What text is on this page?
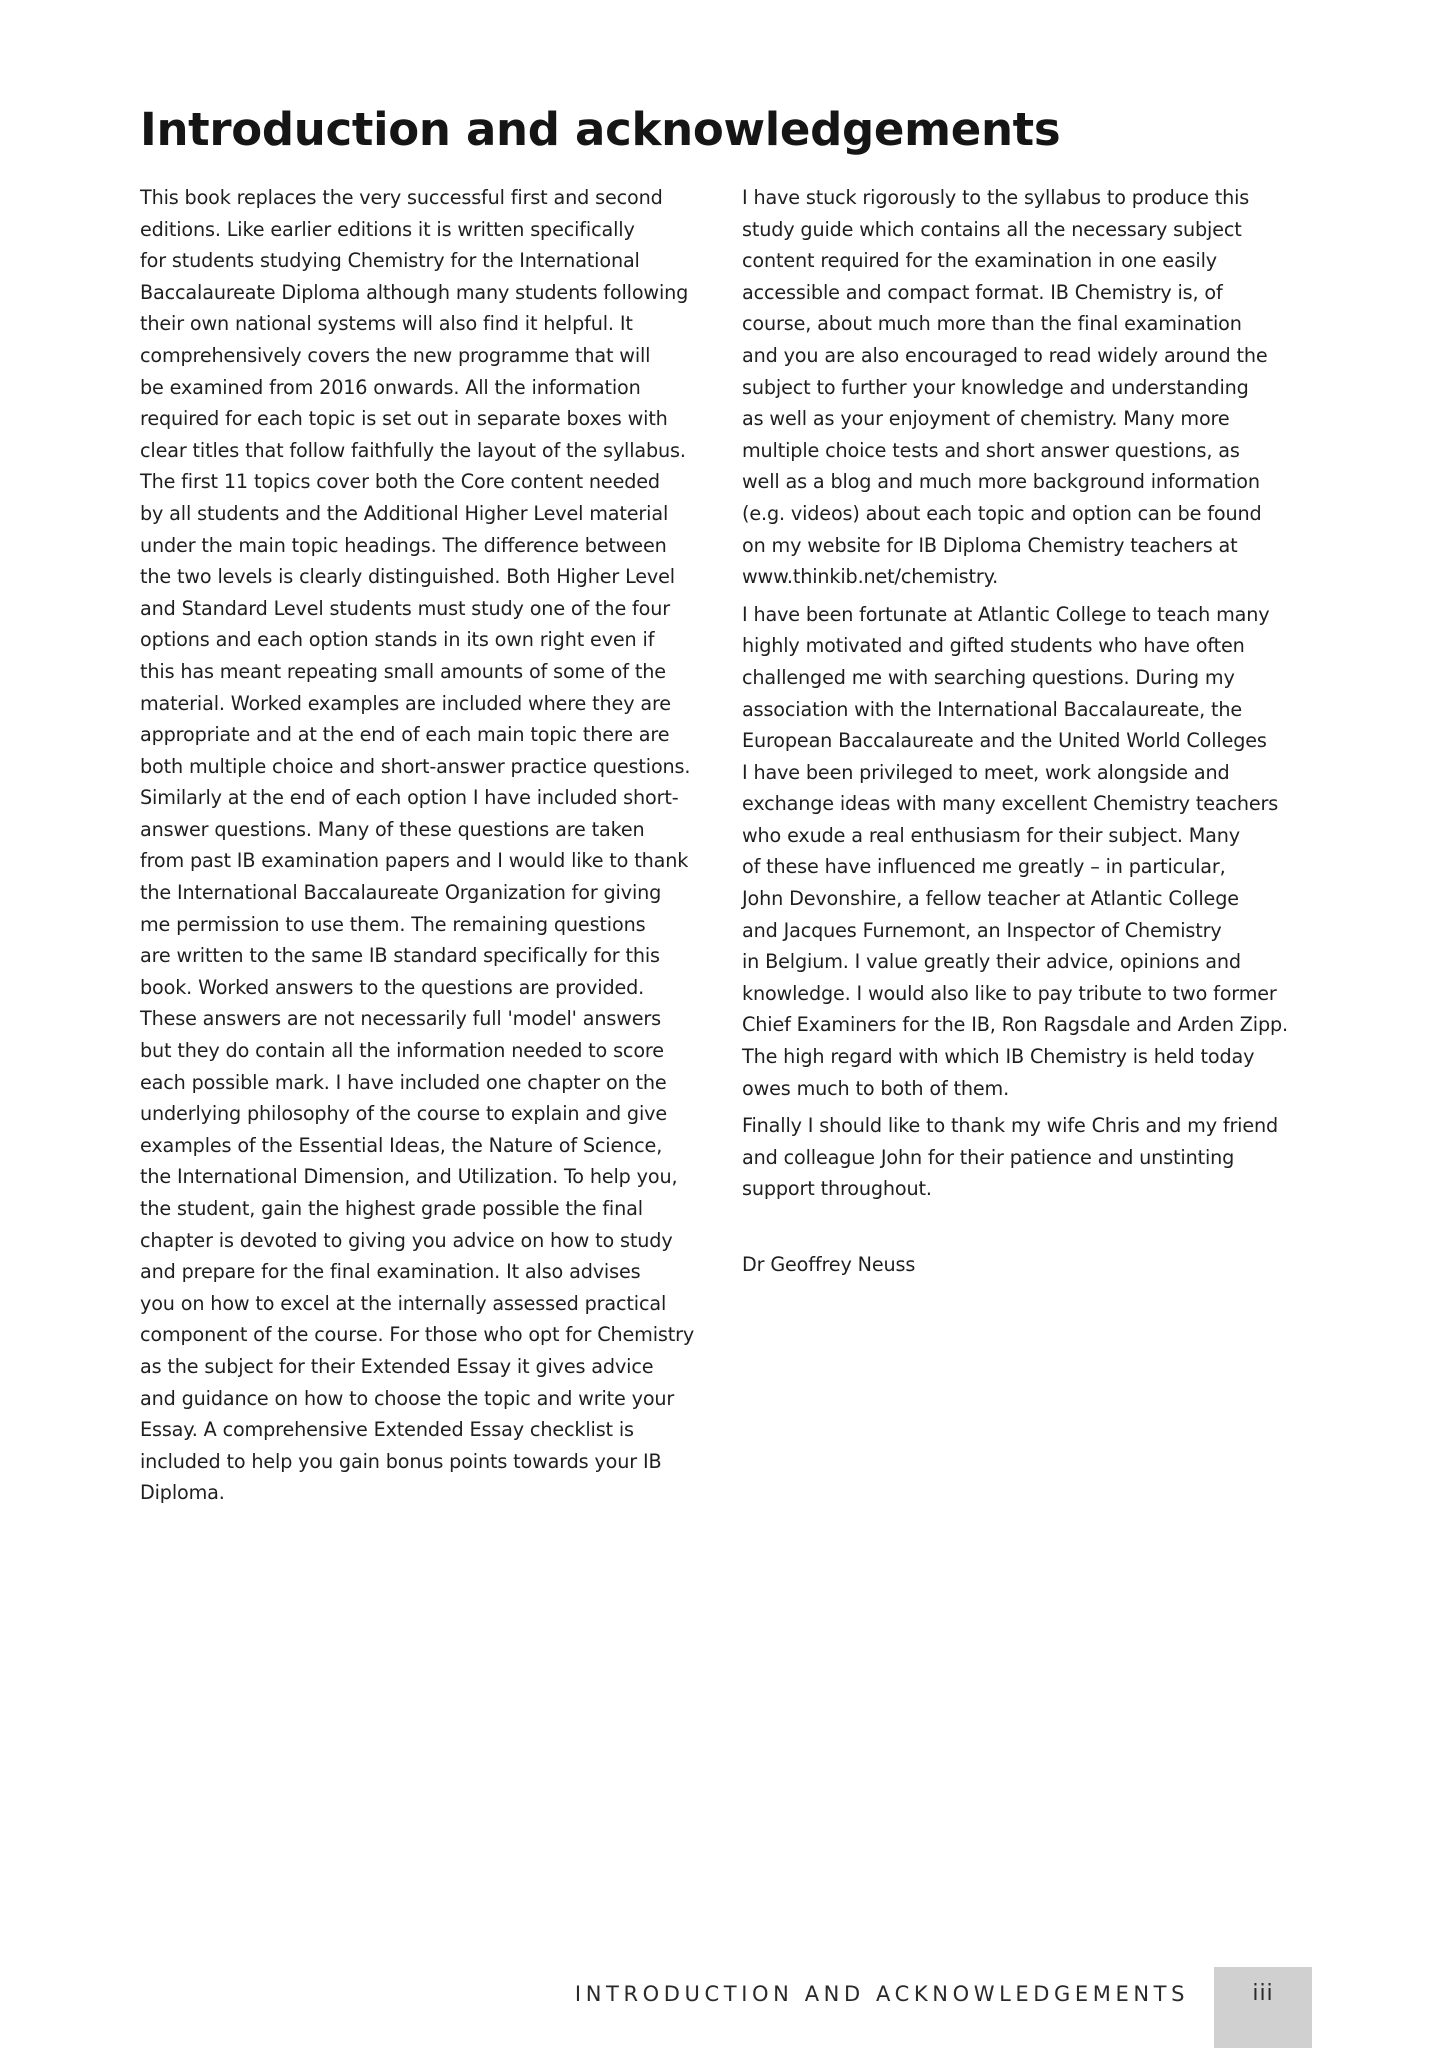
Introduction and acknowledgements
This book replaces the very successful first and second
editions. Like earlier editions it is written specifically
for students studying Chemistry for the International
Baccalaureate Diploma although many students following
their own national systems will also find it helpful. It
comprehensively covers the new programme that will
be examined from 2016 onwards. All the information
required for each topic is set out in separate boxes with
clear titles that follow faithfully the layout of the syllabus.
The first 11 topics cover both the Core content needed
by all students and the Additional Higher Level material
under the main topic headings. The difference between
the two levels is clearly distinguished. Both Higher Level
and Standard Level students must study one of the four
options and each option stands in its own right even if
this has meant repeating small amounts of some of the
material. Worked examples are included where they are
appropriate and at the end of each main topic there are
both multiple choice and short-answer practice questions.
Similarly at the end of each option I have included short-
answer questions. Many of these questions are taken
from past IB examination papers and I would like to thank
the International Baccalaureate Organization for giving
me permission to use them. The remaining questions
are written to the same IB standard specifically for this
book. Worked answers to the questions are provided.
These answers are not necessarily full 'model' answers
but they do contain all the information needed to score
each possible mark. I have included one chapter on the
underlying philosophy of the course to explain and give
examples of the Essential Ideas, the Nature of Science,
the International Dimension, and Utilization. To help you,
the student, gain the highest grade possible the final
chapter is devoted to giving you advice on how to study
and prepare for the final examination. It also advises
you on how to excel at the internally assessed practical
component of the course. For those who opt for Chemistry
as the subject for their Extended Essay it gives advice
and guidance on how to choose the topic and write your
Essay. A comprehensive Extended Essay checklist is
included to help you gain bonus points towards your IB
Diploma.
I have stuck rigorously to the syllabus to produce this
study guide which contains all the necessary subject
content required for the examination in one easily
accessible and compact format. IB Chemistry is, of
course, about much more than the final examination
and you are also encouraged to read widely around the
subject to further your knowledge and understanding
as well as your enjoyment of chemistry. Many more
multiple choice tests and short answer questions, as
well as a blog and much more background information
(e.g. videos) about each topic and option can be found
on my website for IB Diploma Chemistry teachers at
www.thinkib.net/chemistry.
I have been fortunate at Atlantic College to teach many
highly motivated and gifted students who have often
challenged me with searching questions. During my
association with the International Baccalaureate, the
European Baccalaureate and the United World Colleges
I have been privileged to meet, work alongside and
exchange ideas with many excellent Chemistry teachers
who exude a real enthusiasm for their subject. Many
of these have influenced me greatly – in particular,
John Devonshire, a fellow teacher at Atlantic College
and Jacques Furnemont, an Inspector of Chemistry
in Belgium. I value greatly their advice, opinions and
knowledge. I would also like to pay tribute to two former
Chief Examiners for the IB, Ron Ragsdale and Arden Zipp.
The high regard with which IB Chemistry is held today
owes much to both of them.
Finally I should like to thank my wife Chris and my friend
and colleague John for their patience and unstinting
support throughout.
Dr Geoffrey Neuss
INTRODUCTION AND ACKNOWLEDGEMENTS	iii
